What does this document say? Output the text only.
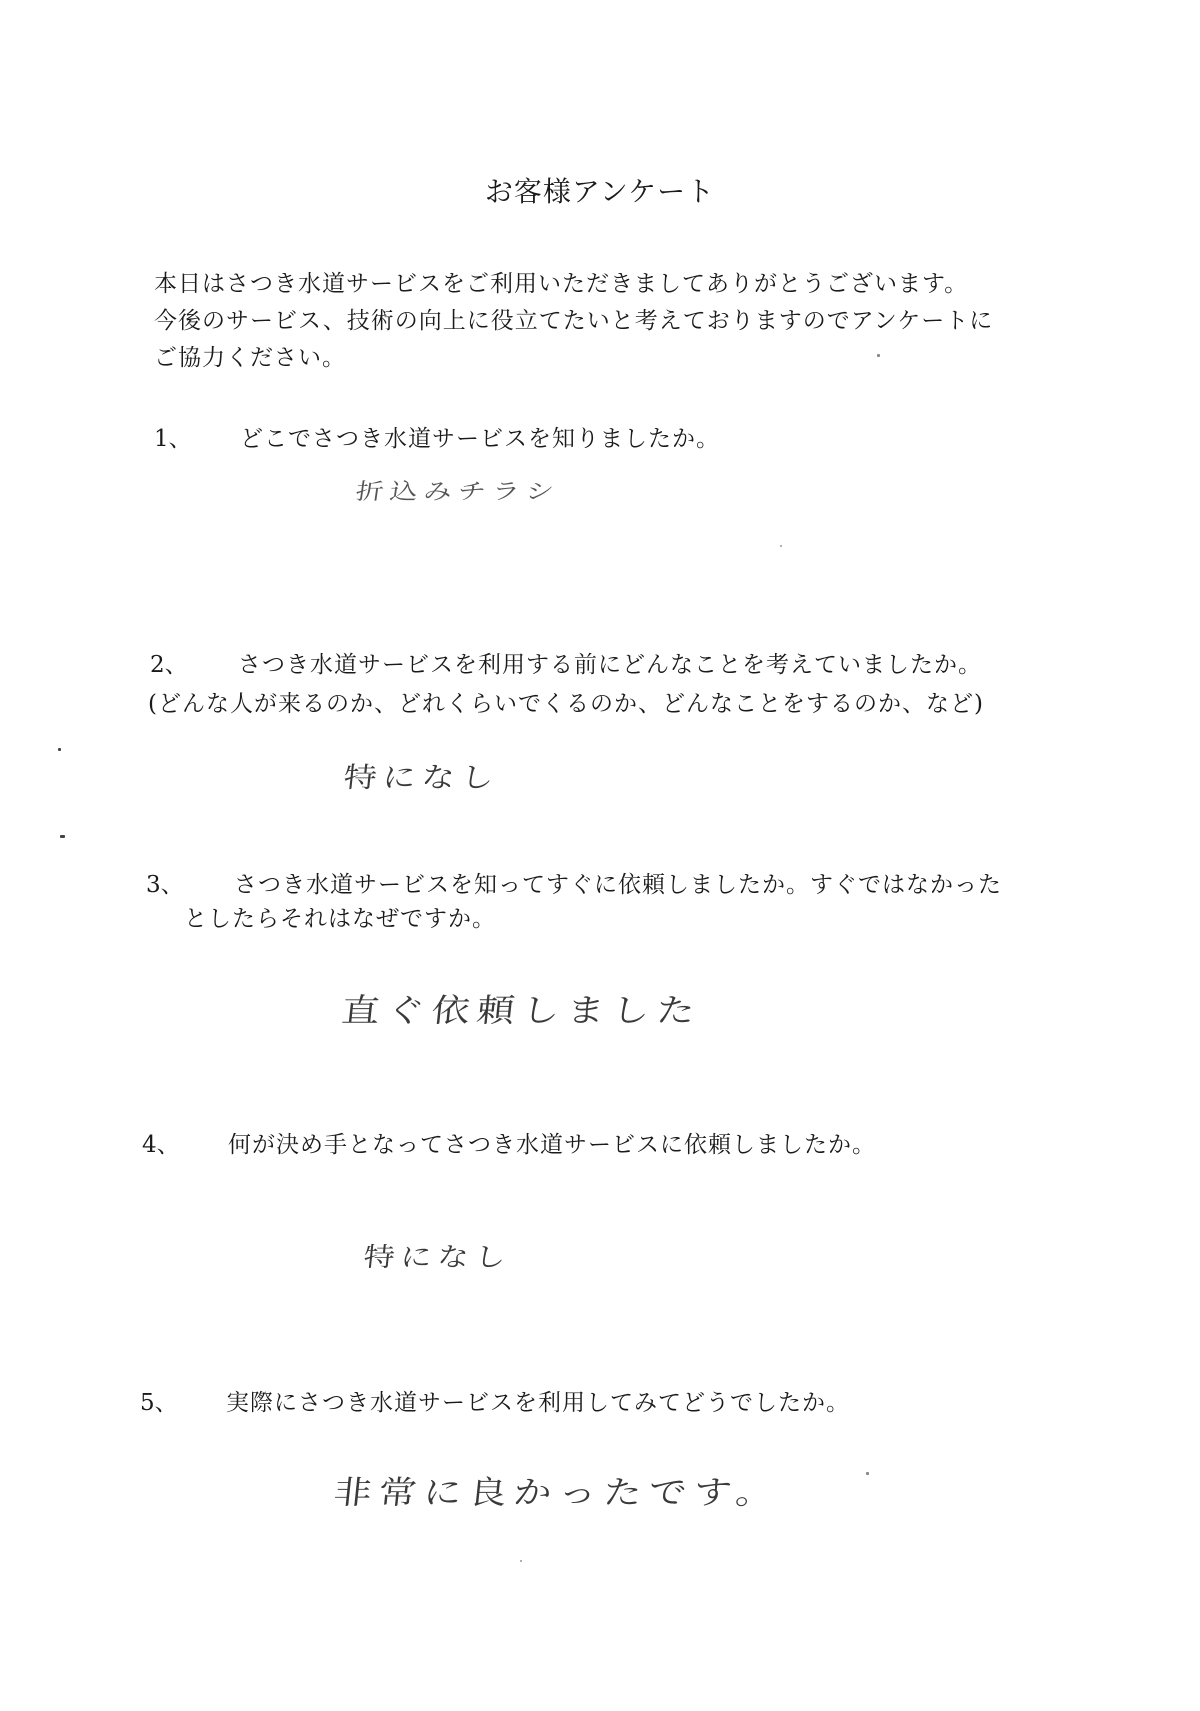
お客様アンケート
本日はさつき水道サービスをご利用いただきましてありがとうございます。
今後のサービス、技術の向上に役立てたいと考えておりますのでアンケートに
ご協力ください。
1、 どこでさつき水道サービスを知りましたか。
折込みチラシ
2、 さつき水道サービスを利用する前にどんなことを考えていましたか。
(どんな人が来るのか、どれくらいでくるのか、どんなことをするのか、など)
特になし
3、 さつき水道サービスを知ってすぐに依頼しましたか。すぐではなかった
としたらそれはなぜですか。
直ぐ依頼しました
4、 何が決め手となってさつき水道サービスに依頼しましたか。
特になし
5、 実際にさつき水道サービスを利用してみてどうでしたか。
非常に良かったです。
